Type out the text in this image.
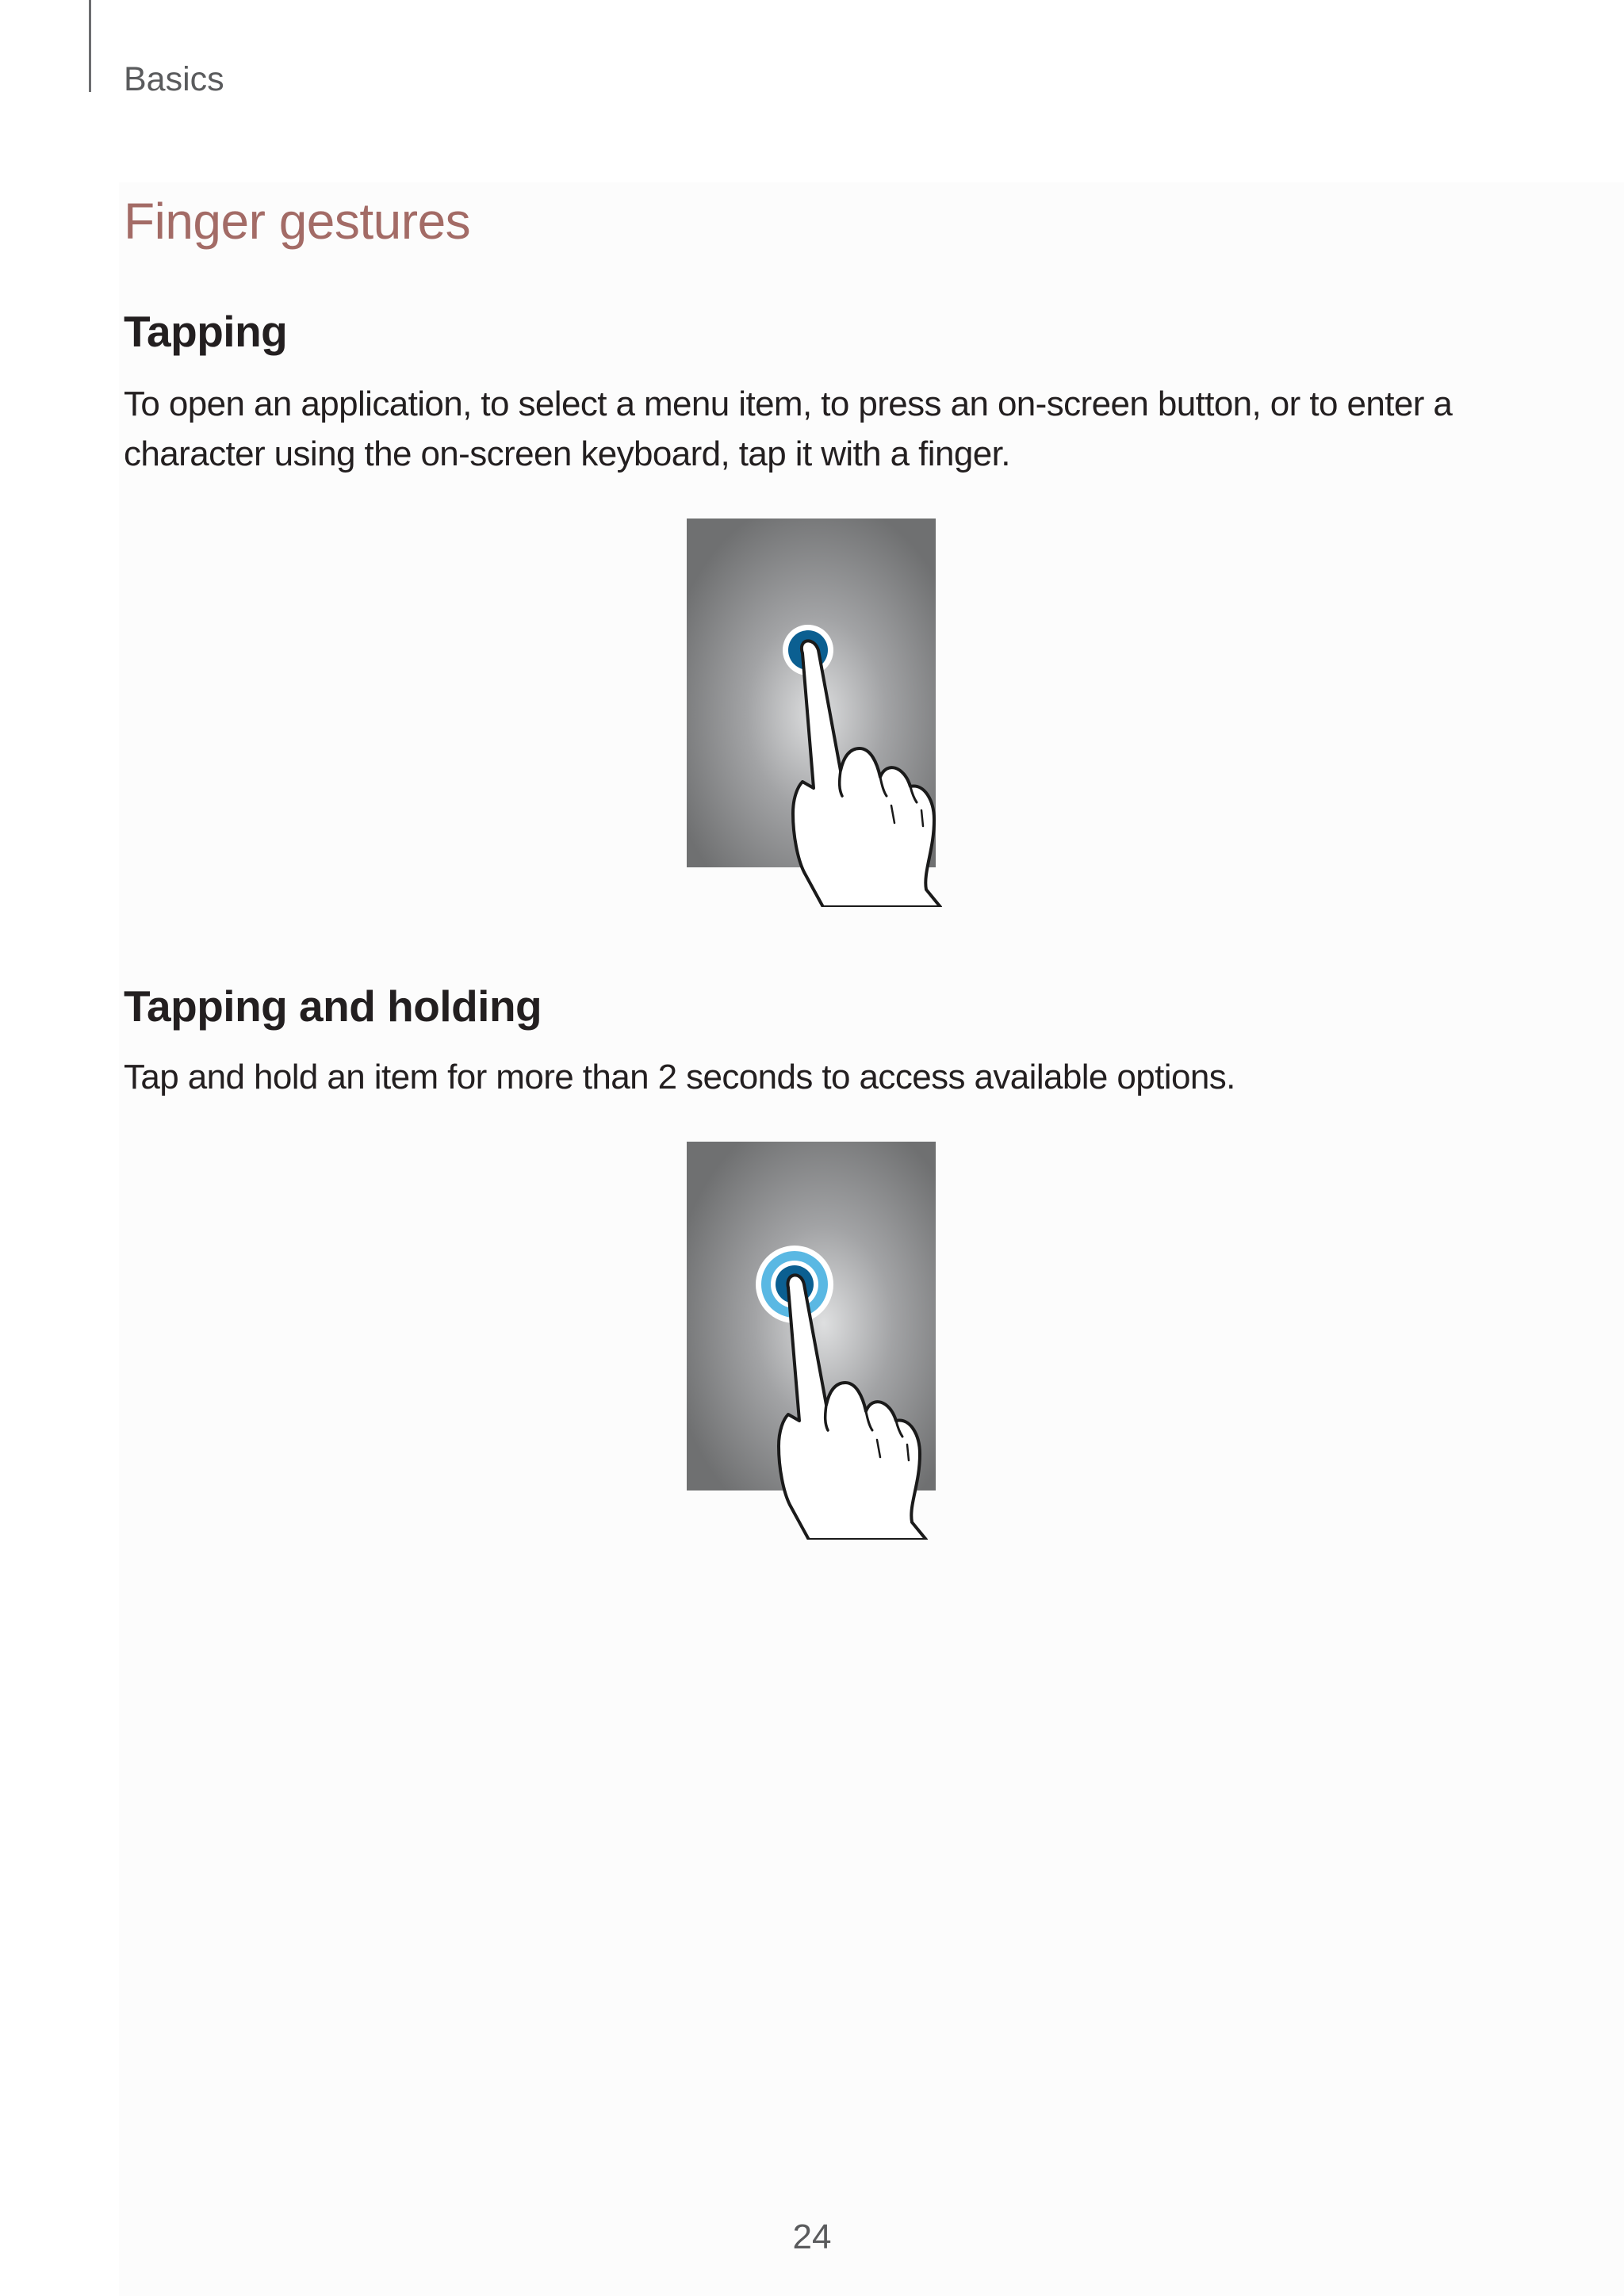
Basics
Finger gestures
Tapping
To open an application, to select a menu item, to press an on-screen button, or to enter a
character using the on-screen keyboard, tap it with a finger.
Tapping and holding
Tap and hold an item for more than 2 seconds to access available options.
24
